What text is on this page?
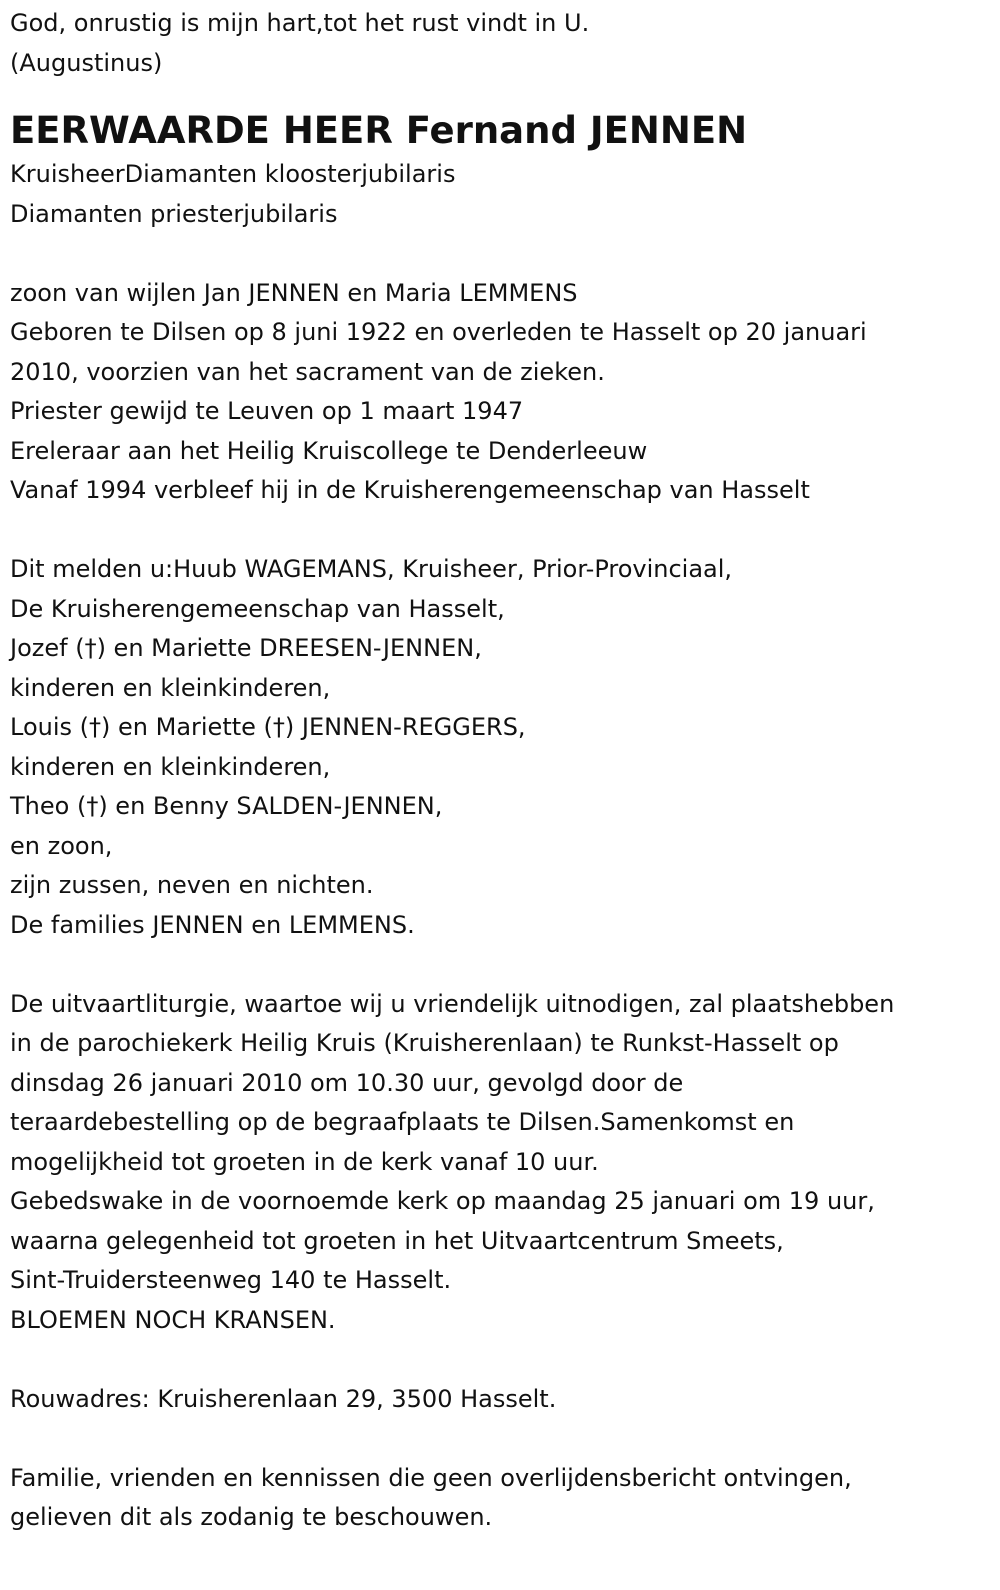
God, onrustig is mijn hart,tot het rust vindt in U.
(Augustinus)
EERWAARDE HEER Fernand JENNEN
KruisheerDiamanten kloosterjubilaris
Diamanten priesterjubilaris
zoon van wijlen Jan JENNEN en Maria LEMMENS
Geboren te Dilsen op 8 juni 1922 en overleden te Hasselt op 20 januari
2010, voorzien van het sacrament van de zieken.
Priester gewijd te Leuven op 1 maart 1947
Ereleraar aan het Heilig Kruiscollege te Denderleeuw
Vanaf 1994 verbleef hij in de Kruisherengemeenschap van Hasselt
Dit melden u:Huub WAGEMANS, Kruisheer, Prior-Provinciaal,
De Kruisherengemeenschap van Hasselt,
Jozef (†) en Mariette DREESEN-JENNEN,
kinderen en kleinkinderen,
Louis (†) en Mariette (†) JENNEN-REGGERS,
kinderen en kleinkinderen,
Theo (†) en Benny SALDEN-JENNEN,
en zoon,
zijn zussen, neven en nichten.
De families JENNEN en LEMMENS.
De uitvaartliturgie, waartoe wij u vriendelijk uitnodigen, zal plaatshebben
in de parochiekerk Heilig Kruis (Kruisherenlaan) te Runkst-Hasselt op
dinsdag 26 januari 2010 om 10.30 uur, gevolgd door de
teraardebestelling op de begraafplaats te Dilsen.Samenkomst en
mogelijkheid tot groeten in de kerk vanaf 10 uur.
Gebedswake in de voornoemde kerk op maandag 25 januari om 19 uur,
waarna gelegenheid tot groeten in het Uitvaartcentrum Smeets,
Sint-Truidersteenweg 140 te Hasselt.
BLOEMEN NOCH KRANSEN.
Rouwadres: Kruisherenlaan 29, 3500 Hasselt.
Familie, vrienden en kennissen die geen overlijdensbericht ontvingen,
gelieven dit als zodanig te beschouwen.
